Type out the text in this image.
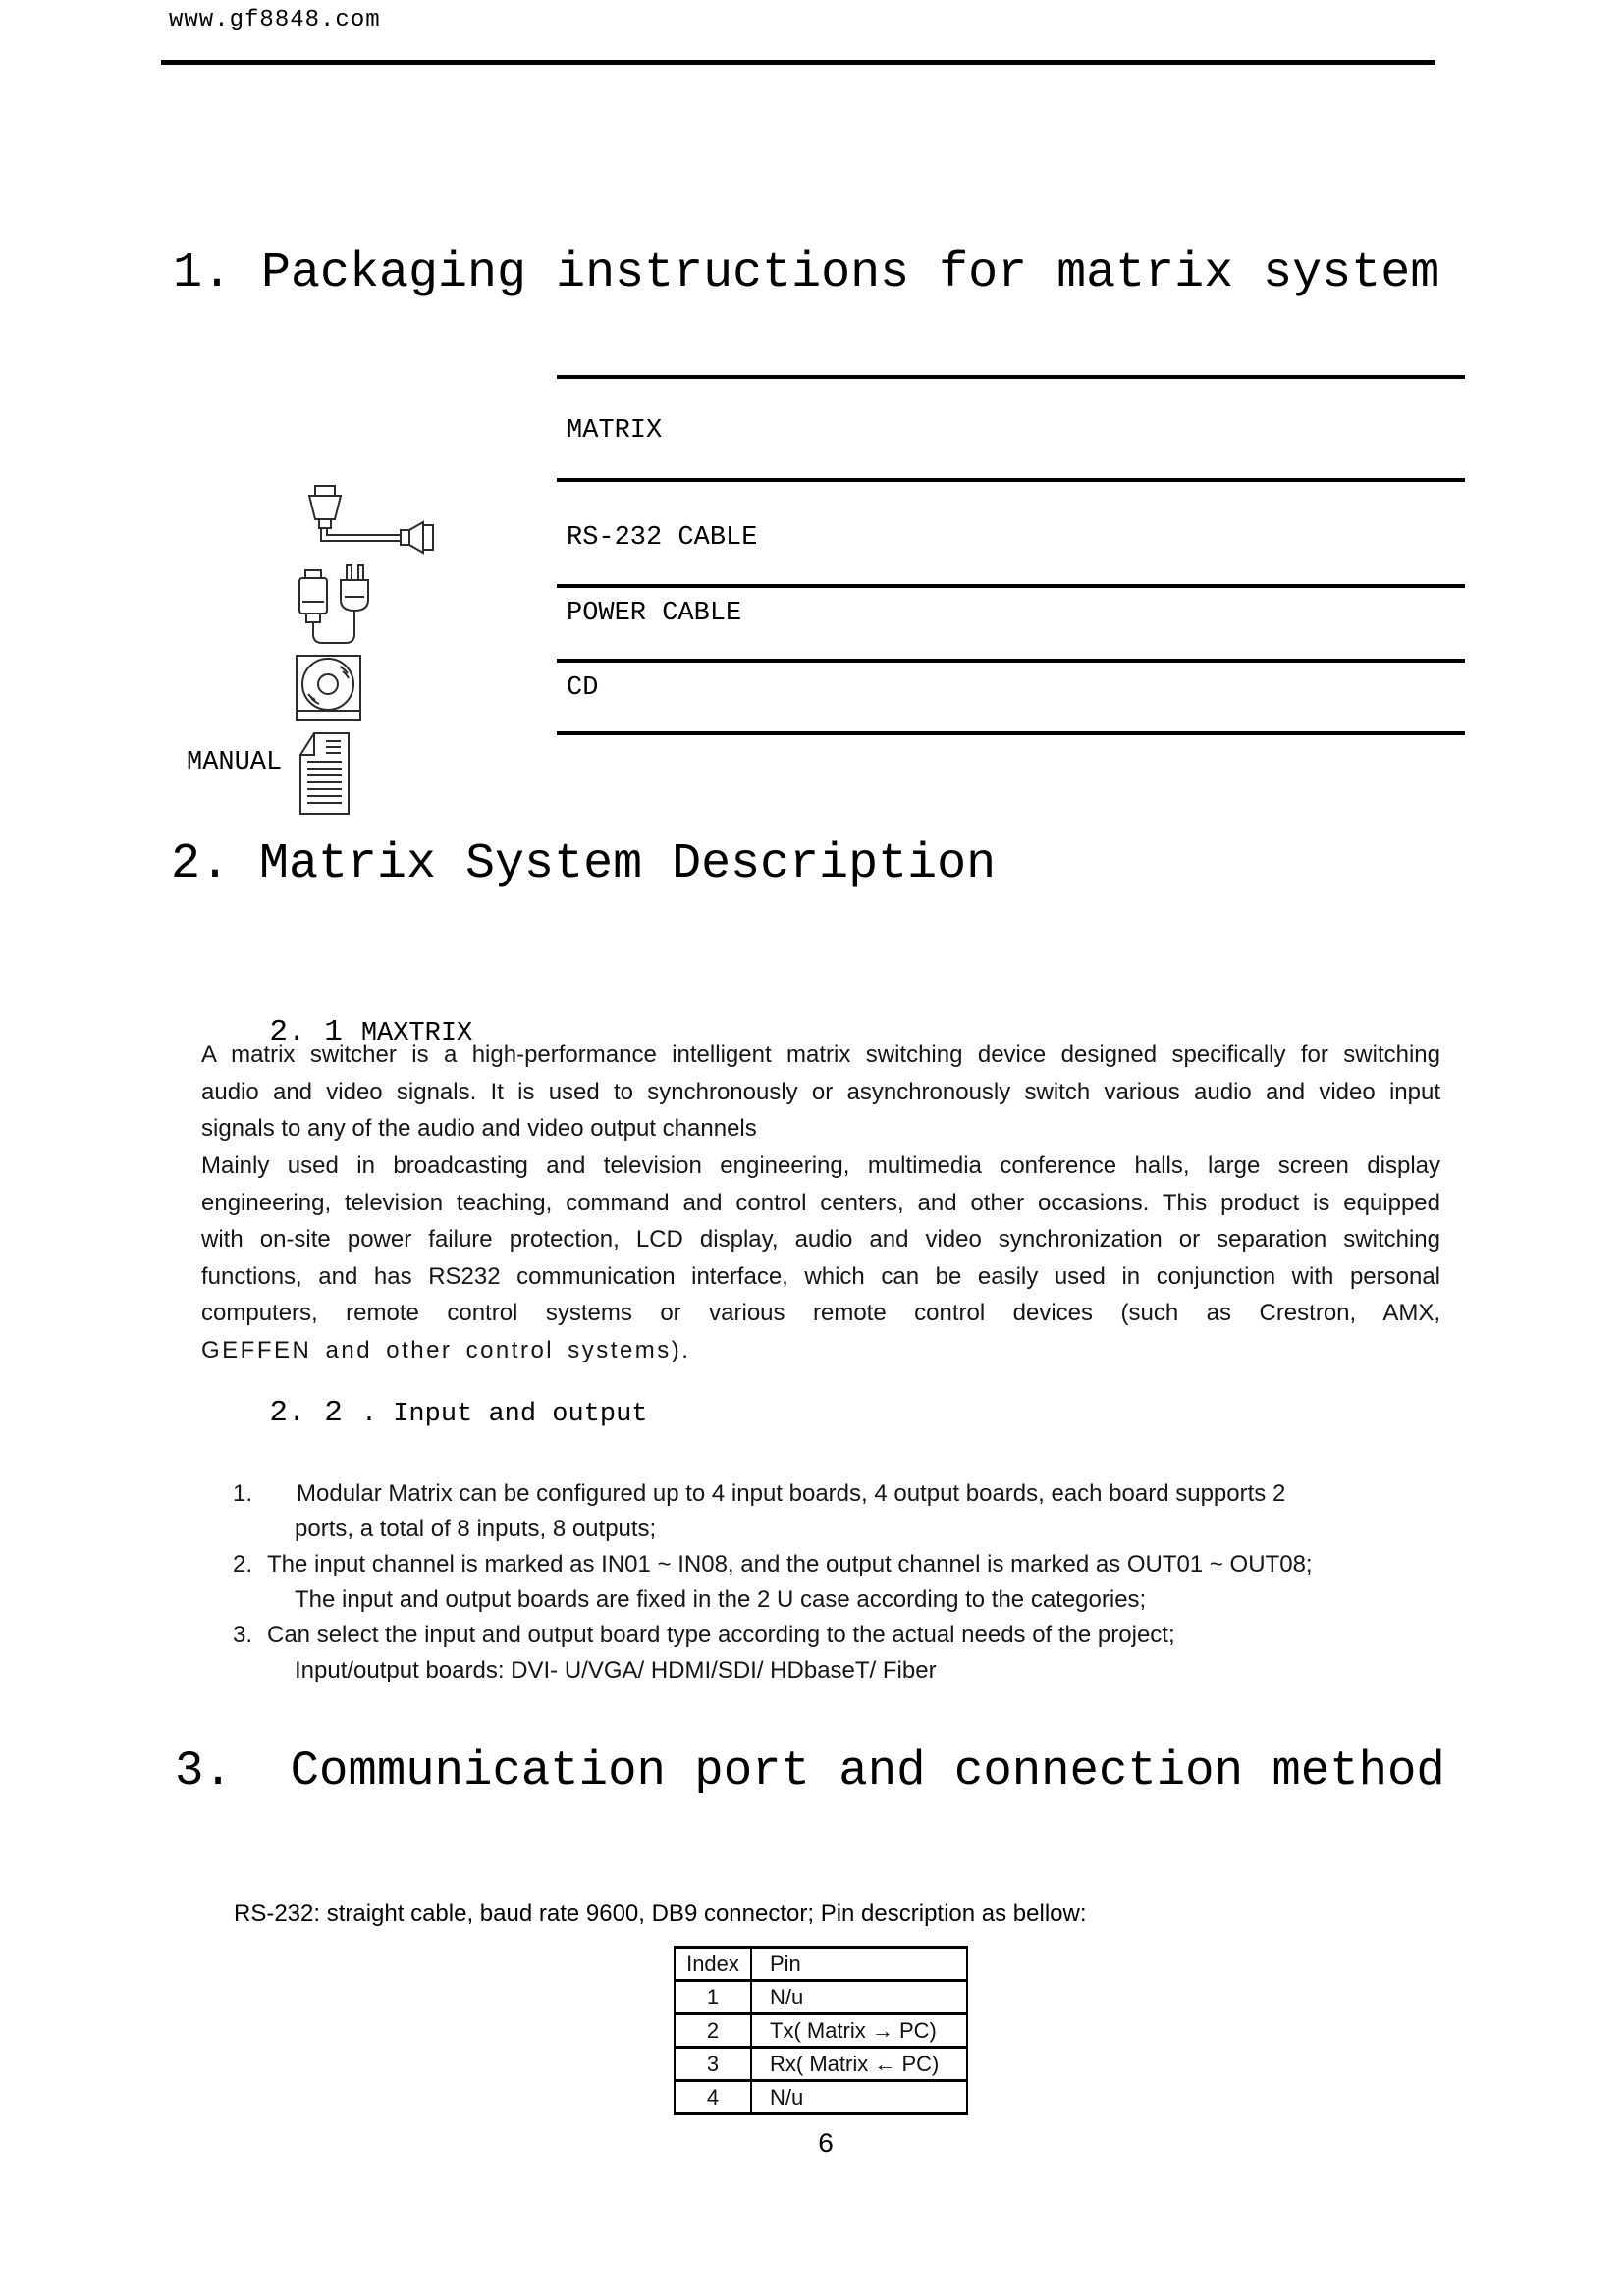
www.gf8848.com
1. Packaging instructions for matrix system
MATRIX
RS-232 CABLE
POWER CABLE
CD
MANUAL
2. Matrix System Description

2. 1 MAXTRIX

A matrix switcher is a high-performance intelligent matrix switching device designed specifically for switching
audio and video signals. It is used to synchronously or asynchronously switch various audio and video input
signals to any of the audio and video output channels
Mainly used in broadcasting and television engineering, multimedia conference halls, large screen display
engineering, television teaching, command and control centers, and other occasions. This product is equipped
with on-site power failure protection, LCD display, audio and video synchronization or separation switching
functions, and has RS232 communication interface, which can be easily used in conjunction with personal
computers, remote control systems or various remote control devices (such as Crestron, AMX,
GEFFEN and other control systems).

2. 2 . Input and output

1.	Modular Matrix can be configured up to 4 input boards, 4 output boards, each board supports 2
ports, a total of 8 inputs, 8 outputs;
2. The input channel is marked as IN01 ~ IN08, and the output channel is marked as OUT01 ~ OUT08;
The input and output boards are fixed in the 2 U case according to the categories;
3. Can select the input and output board type according to the actual needs of the project;
Input/output boards: DVI- U/VGA/ HDMI/SDI/ HDbaseT/ Fiber
3.  Communication port and connection method
RS-232: straight cable, baud rate 9600, DB9 connector; Pin description as bellow:
Index	Pin
1	N/u
2	Tx( Matrix → PC)
3	Rx( Matrix ← PC)
4	N/u
6
